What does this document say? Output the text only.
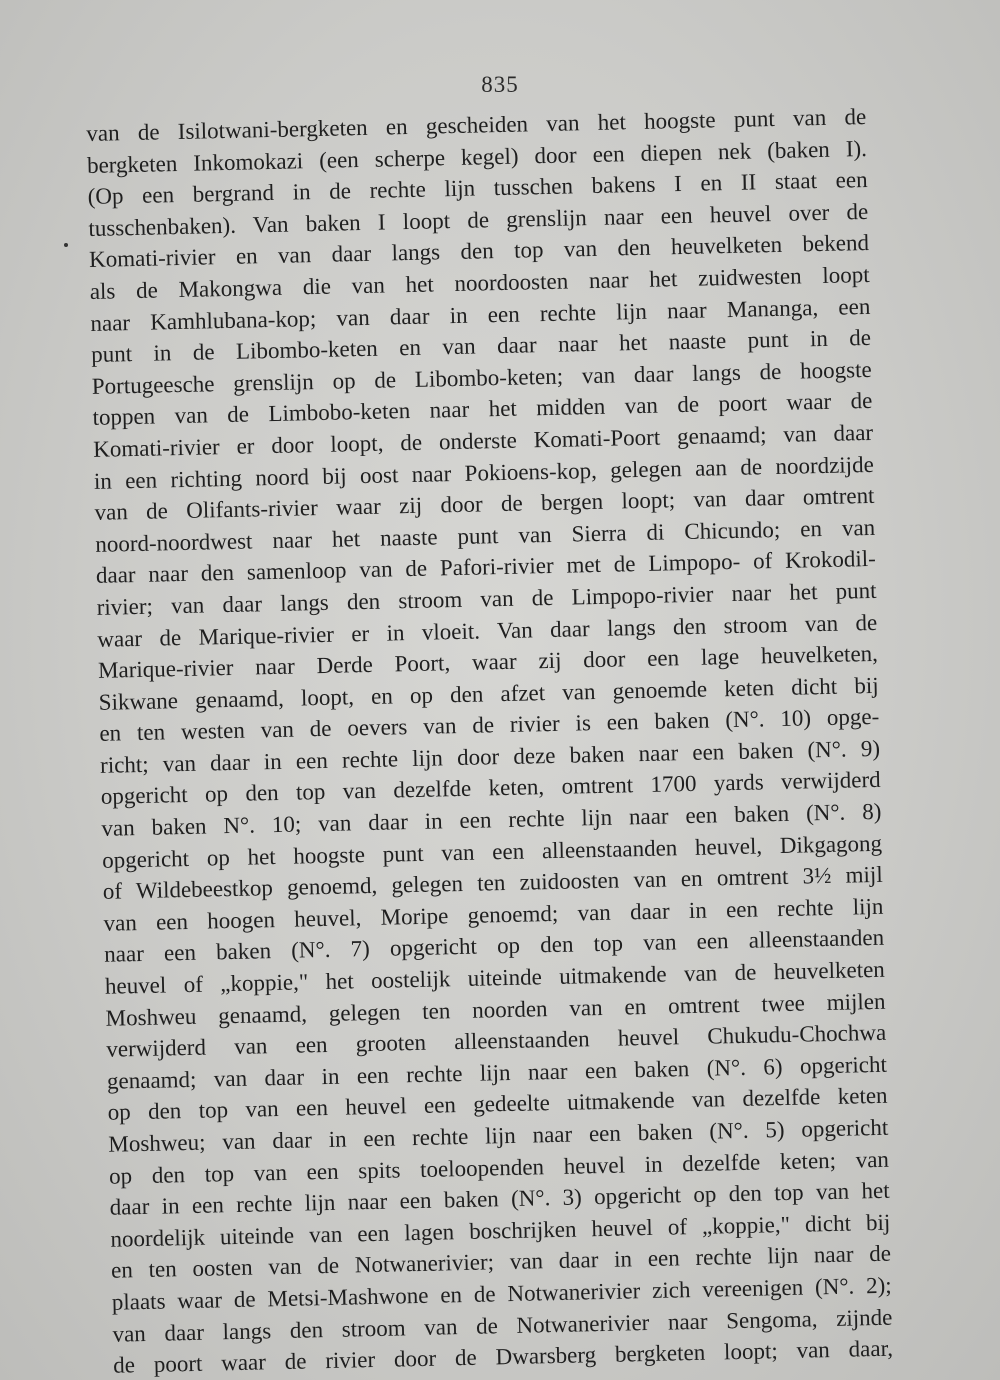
835
van de Isilotwani-bergketen en gescheiden van het hoogste punt van de
bergketen Inkomokazi (een scherpe kegel) door een diepen nek (baken I).
(Op een bergrand in de rechte lijn tusschen bakens I en II staat een
tusschenbaken). Van baken I loopt de grenslijn naar een heuvel over de
Komati-rivier en van daar langs den top van den heuvelketen bekend
als de Makongwa die van het noordoosten naar het zuidwesten loopt
naar Kamhlubana-kop; van daar in een rechte lijn naar Mananga, een
punt in de Libombo-keten en van daar naar het naaste punt in de
Portugeesche grenslijn op de Libombo-keten; van daar langs de hoogste
toppen van de Limbobo-keten naar het midden van de poort waar de
Komati-rivier er door loopt, de onderste Komati-Poort genaamd; van daar
in een richting noord bij oost naar Pokioens-kop, gelegen aan de noordzijde
van de Olifants-rivier waar zij door de bergen loopt; van daar omtrent
noord-noordwest naar het naaste punt van Sierra di Chicundo; en van
daar naar den samenloop van de Pafori-rivier met de Limpopo- of Krokodil-
rivier; van daar langs den stroom van de Limpopo-rivier naar het punt
waar de Marique-rivier er in vloeit. Van daar langs den stroom van de
Marique-rivier naar Derde Poort, waar zij door een lage heuvelketen,
Sikwane genaamd, loopt, en op den afzet van genoemde keten dicht bij
en ten westen van de oevers van de rivier is een baken (N°. 10) opge-
richt; van daar in een rechte lijn door deze baken naar een baken (N°. 9)
opgericht op den top van dezelfde keten, omtrent 1700 yards verwijderd
van baken N°. 10; van daar in een rechte lijn naar een baken (N°. 8)
opgericht op het hoogste punt van een alleenstaanden heuvel, Dikgagong
of Wildebeestkop genoemd, gelegen ten zuidoosten van en omtrent 3½ mijl
van een hoogen heuvel, Moripe genoemd; van daar in een rechte lijn
naar een baken (N°. 7) opgericht op den top van een alleenstaanden
heuvel of „koppie," het oostelijk uiteinde uitmakende van de heuvelketen
Moshweu genaamd, gelegen ten noorden van en omtrent twee mijlen
verwijderd van een grooten alleenstaanden heuvel Chukudu-Chochwa
genaamd; van daar in een rechte lijn naar een baken (N°. 6) opgericht
op den top van een heuvel een gedeelte uitmakende van dezelfde keten
Moshweu; van daar in een rechte lijn naar een baken (N°. 5) opgericht
op den top van een spits toeloopenden heuvel in dezelfde keten; van
daar in een rechte lijn naar een baken (N°. 3) opgericht op den top van het
noordelijk uiteinde van een lagen boschrijken heuvel of „koppie," dicht bij
en ten oosten van de Notwanerivier; van daar in een rechte lijn naar de
plaats waar de Metsi-Mashwone en de Notwanerivier zich vereenigen (N°. 2);
van daar langs den stroom van de Notwanerivier naar Sengoma, zijnde
de poort waar de rivier door de Dwarsberg bergketen loopt; van daar,
